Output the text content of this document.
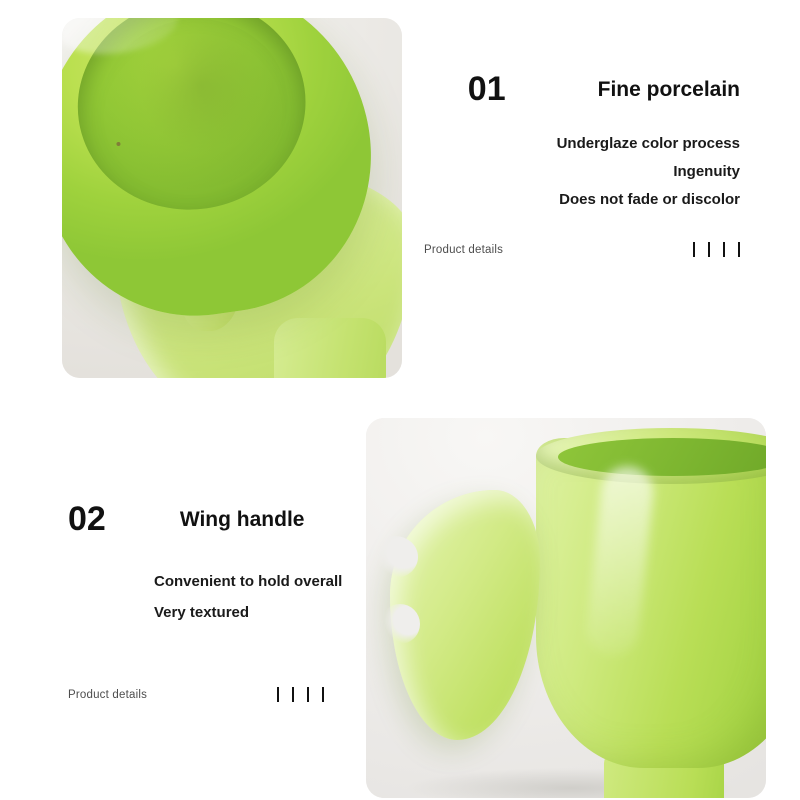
01	Fine porcelain
Underglaze color process
Ingenuity
Does not fade or discolor
Product details
02	Wing handle
Convenient to hold overall
Very textured
Product details
